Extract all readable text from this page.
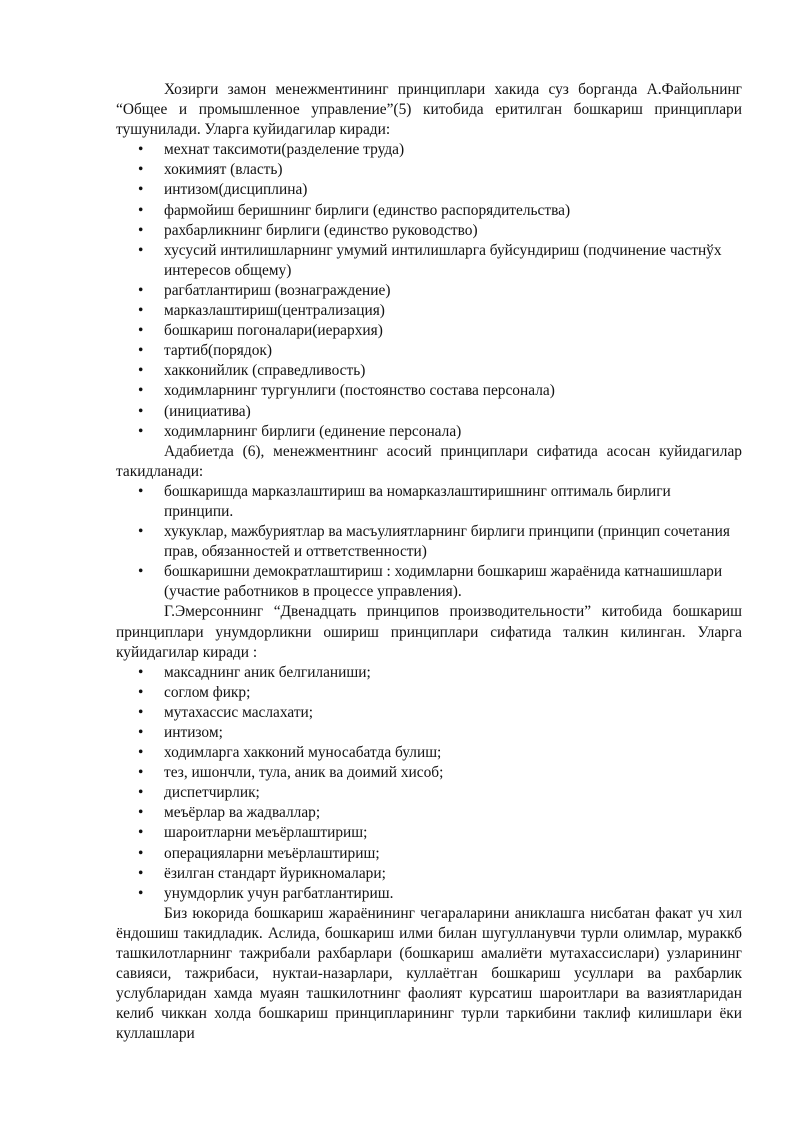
Хозирги замон менежментининг принциплари хакида суз борганда А.Файольнинг “Общее и промышленное управление”(5) китобида еритилган бошкариш принциплари тушунилади. Уларга куйидагилар киради:

• мехнат таксимоти(разделение труда)
• хокимият (власть)
• интизом(дисциплина)
• фармойиш беришнинг бирлиги (единство распорядительства)
• рахбарликнинг бирлиги (единство руководство)
• хусусий интилишларнинг умумий интилишларга буйсундириш (подчинение частнўх интересов общему)
• рагбатлантириш (вознаграждение)
• марказлаштириш(централизация)
• бошкариш погоналари(иерархия)
• тартиб(порядок)
• хакконийлик (справедливость)
• ходимларнинг тургунлиги (постоянство состава персонала)
• (инициатива)
• ходимларнинг бирлиги (единение персонала)

Адабиетда (6), менежментнинг асосий принциплари сифатида асосан куйидагилар такидланади:

• бошкаришда марказлаштириш ва номарказлаштиришнинг оптималь бирлиги принципи.
• хукуклар, мажбуриятлар ва масъулиятларнинг бирлиги принципи (принцип сочетания прав, обязанностей и оттветственности)
• бошкаришни демократлаштириш : ходимларни бошкариш жараёнида катнашишлари (участие работников в процессе управления).

Г.Эмерсоннинг “Двенадцать принципов производительности” китобида бошкариш принциплари унумдорликни ошириш принциплари сифатида талкин килинган. Уларга куйидагилар киради :

• максаднинг аник белгиланиши;
• соглом фикр;
• мутахассис маслахати;
• интизом;
• ходимларга хакконий муносабатда булиш;
• тез, ишончли, тула, аник ва доимий хисоб;
• диспетчирлик;
• меъёрлар ва жадваллар;
• шароитларни меъёрлаштириш;
• операцияларни меъёрлаштириш;
• ёзилган стандарт йурикномалари;
• унумдорлик учун рагбатлантириш.

Биз юкорида бошкариш жараёнининг чегараларини аниклашга нисбатан факат уч хил ёндошиш такидладик. Аслида, бошкариш илми билан шугулланувчи турли олимлар, мураккб ташкилотларнинг тажрибали рахбарлари (бошкариш амалиёти мутахассислари) узларининг савияси, тажрибаси, нуктаи-назарлари, куллаётган бошкариш усуллари ва рахбарлик услубларидан хамда муаян ташкилотнинг фаолият курсатиш шароитлари ва вазиятларидан келиб чиккан холда бошкариш принципларининг турли таркибини таклиф килишлари ёки куллашлари
